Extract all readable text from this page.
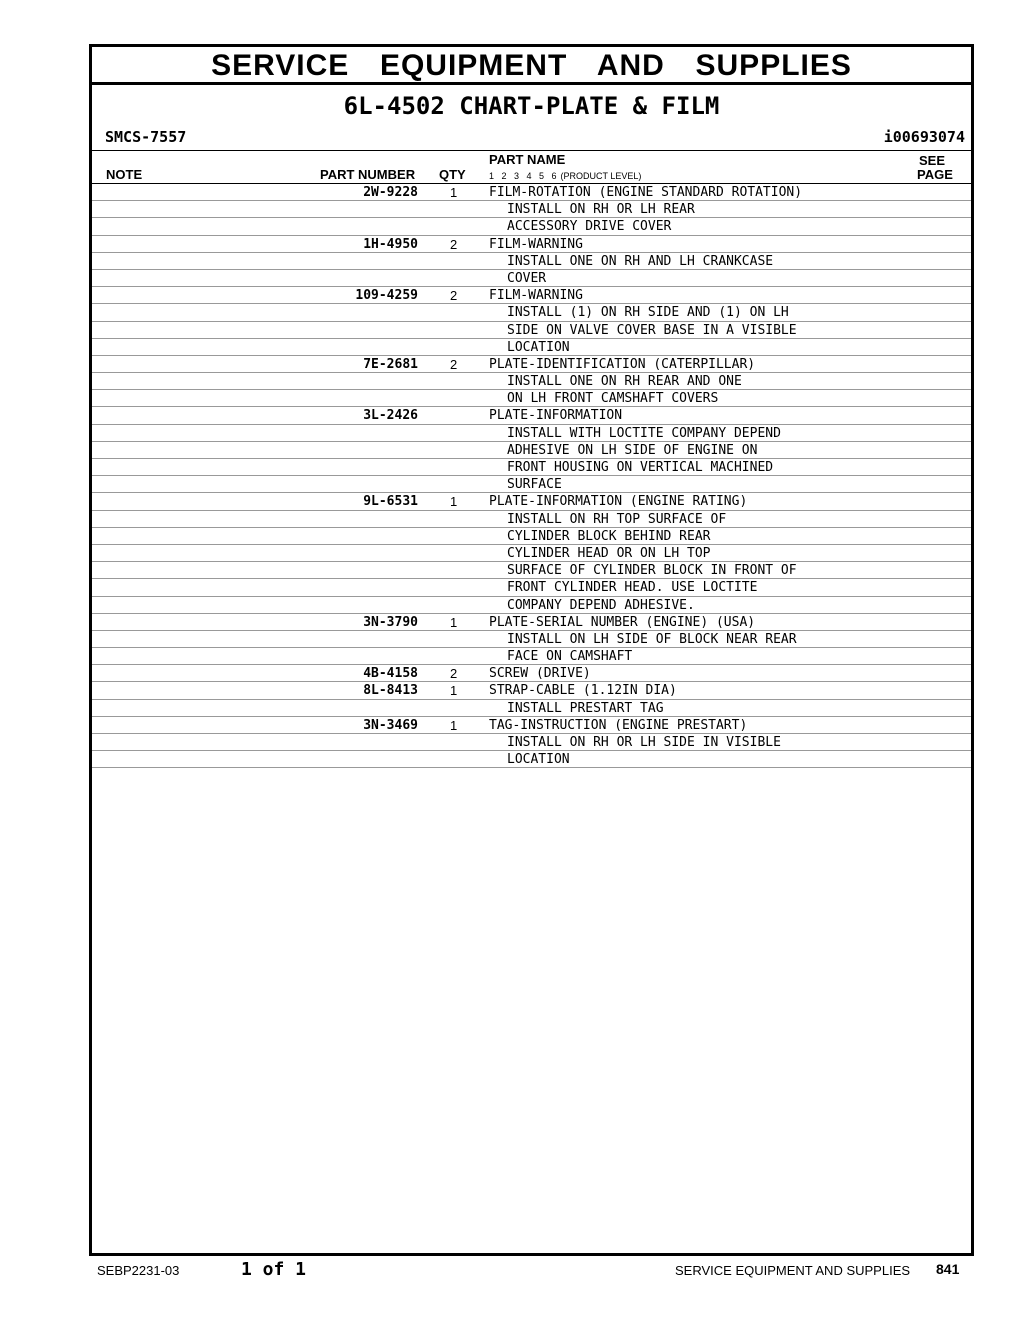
SERVICE  EQUIPMENT  AND  SUPPLIES
6L-4502 CHART-PLATE & FILM
SMCS-7557	i00693074
PART NAME
1   2   3   4   5   6 (PRODUCT LEVEL)
SEE
NOTE	PART NUMBER QTY	PAGE
2W-9228 1 FILM-ROTATION (ENGINE STANDARD ROTATION)
INSTALL ON RH OR LH REAR
ACCESSORY DRIVE COVER
1H-4950 2 FILM-WARNING
INSTALL ONE ON RH AND LH CRANKCASE
COVER
109-4259 2 FILM-WARNING
INSTALL (1) ON RH SIDE AND (1) ON LH
SIDE ON VALVE COVER BASE IN A VISIBLE
LOCATION
7E-2681 2 PLATE-IDENTIFICATION (CATERPILLAR)
INSTALL ONE ON RH REAR AND ONE
ON LH FRONT CAMSHAFT COVERS
3L-2426	PLATE-INFORMATION
INSTALL WITH LOCTITE COMPANY DEPEND
ADHESIVE ON LH SIDE OF ENGINE ON
FRONT HOUSING ON VERTICAL MACHINED
SURFACE
9L-6531 1 PLATE-INFORMATION (ENGINE RATING)
INSTALL ON RH TOP SURFACE OF
CYLINDER BLOCK BEHIND REAR
CYLINDER HEAD OR ON LH TOP
SURFACE OF CYLINDER BLOCK IN FRONT OF
FRONT CYLINDER HEAD. USE LOCTITE
COMPANY DEPEND ADHESIVE.
3N-3790 1 PLATE-SERIAL NUMBER (ENGINE) (USA)
INSTALL ON LH SIDE OF BLOCK NEAR REAR
FACE ON CAMSHAFT
4B-4158 2 SCREW (DRIVE)
8L-8413 1 STRAP-CABLE (1.12IN DIA)
INSTALL PRESTART TAG
3N-3469 1 TAG-INSTRUCTION (ENGINE PRESTART)
INSTALL ON RH OR LH SIDE IN VISIBLE
LOCATION
SEBP2231-03	1 of 1	SERVICE EQUIPMENT AND SUPPLIES 841
